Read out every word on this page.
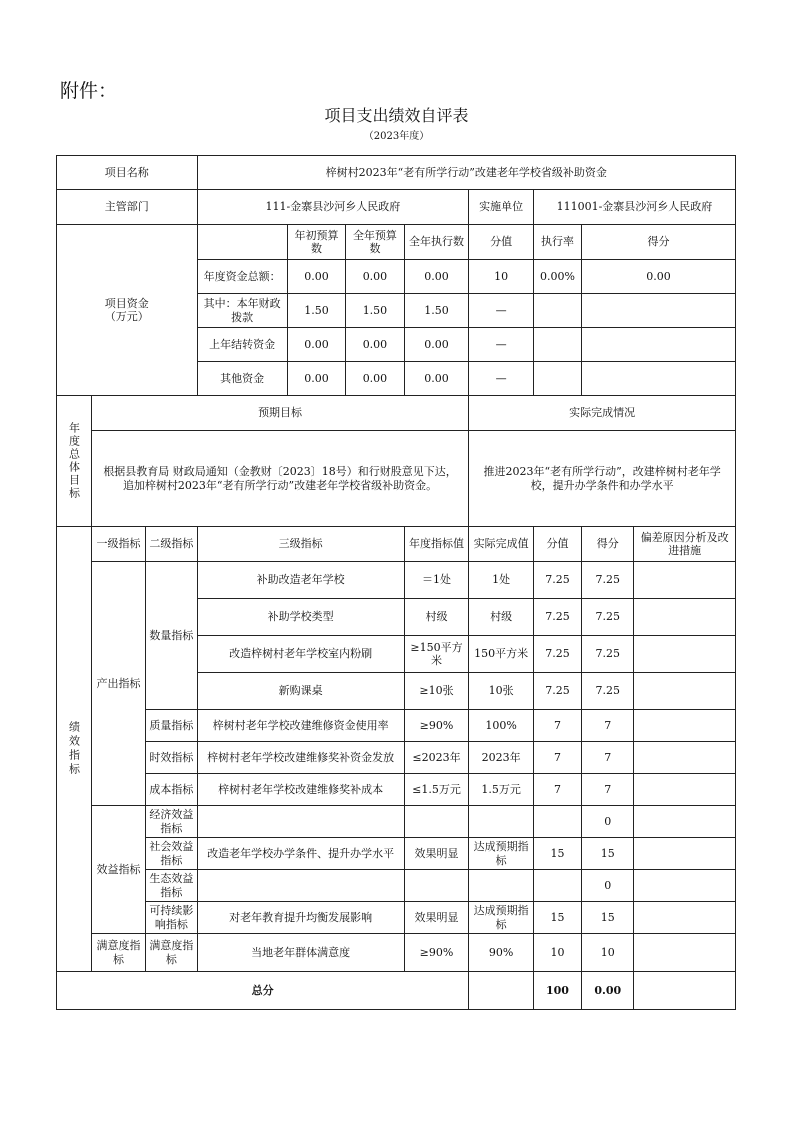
附件：
项目支出绩效自评表
（2023年度）
项目名称			梓树村2023年“老有所学行动”改建老年学校省级补助资金							
主管部门			111-金寨县沙河乡人民政府				实施单位	111001-金寨县沙河乡人民政府		
项目资金
（万元）				年初预算数	全年预算数	全年执行数	分值	执行率	得分	
			年度资金总额：	0.00	0.00	0.00	10	0.00%	0.00	
			其中：本年财政拨款	1.50	1.50	1.50	—			
			上年结转资金	0.00	0.00	0.00	—			
			其他资金	0.00	0.00	0.00	—			
年度总体目标	预期目标						实际完成情况			
	根据县教育局 财政局通知（金教财〔2023〕18号）和行财股意见下达，追加梓树村2023年“老有所学行动”改建老年学校省级补助资金。						推进2023年“老有所学行动”，改建梓树村老年学校，提升办学条件和办学水平			
绩效指标	一级指标	二级指标	三级指标			年度指标值	实际完成值	分值	得分	偏差原因分析及改进措施
	产出指标	数量指标	补助改造老年学校			＝1处	1处	7.25	7.25	
			补助学校类型			村级	村级	7.25	7.25	
			改造梓树村老年学校室内粉刷			≥150平方米	150平方米	7.25	7.25	
			新购课桌			≥10张	10张	7.25	7.25	
		质量指标	梓树村老年学校改建维修资金使用率			≥90%	100%	7	7	
		时效指标	梓树村老年学校改建维修奖补资金发放			≤2023年	2023年	7	7	
		成本指标	梓树村老年学校改建维修奖补成本			≤1.5万元	1.5万元	7	7	
	效益指标	经济效益指标							0	
		社会效益指标	改造老年学校办学条件、提升办学水平			效果明显	达成预期指标	15	15	
		生态效益指标							0	
		可持续影响指标	对老年教育提升均衡发展影响			效果明显	达成预期指标	15	15	
	满意度指标	满意度指标	当地老年群体满意度			≥90%	90%	10	10	
总分								100	0.00	
